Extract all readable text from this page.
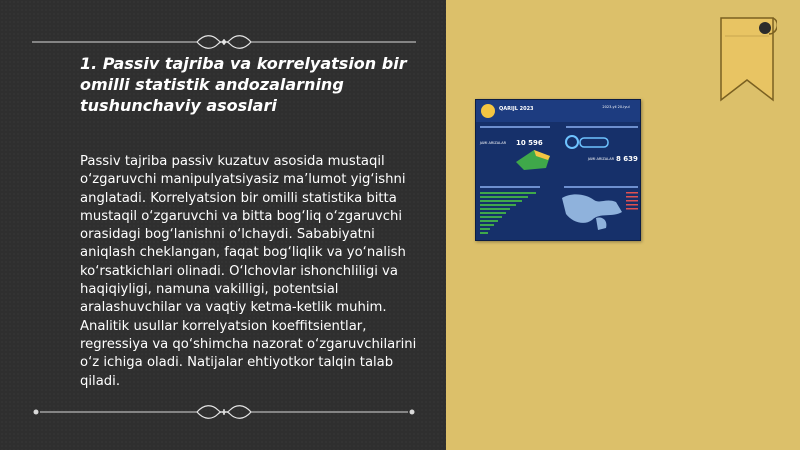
1. Passiv tajriba va korrelyatsion bir omilli statistik andozalarning tushunchaviy asoslari

Passiv tajriba passiv kuzatuv asosida mustaqil o‘zgaruvchi manipulyatsiyasiz ma’lumot yig‘ishni anglatadi. Korrelyatsion bir omilli statistika bitta mustaqil o‘zgaruvchi va bitta bog‘liq o‘zgaruvchi orasidagi bog‘lanishni o‘lchaydi. Sababiyatni aniqlash cheklangan, faqat bog‘liqlik va yo‘nalish ko‘rsatkichlari olinadi. O‘lchovlar ishonchliligi va haqiqiyligi, namuna vakilligi, potentsial aralashuvchilar va vaqtiy ketma-ketlik muhim. Analitik usullar korrelyatsion koeffitsientlar, regressiya va qo‘shimcha nazorat o‘zgaruvchilarini o‘z ichiga oladi. Natijalar ehtiyotkor talqin talab qiladi.

QARIJL 2023	2023-yil 20-iyul
JAMI ARIZALAR 10 596
JAMI ARIZALAR 8 639
